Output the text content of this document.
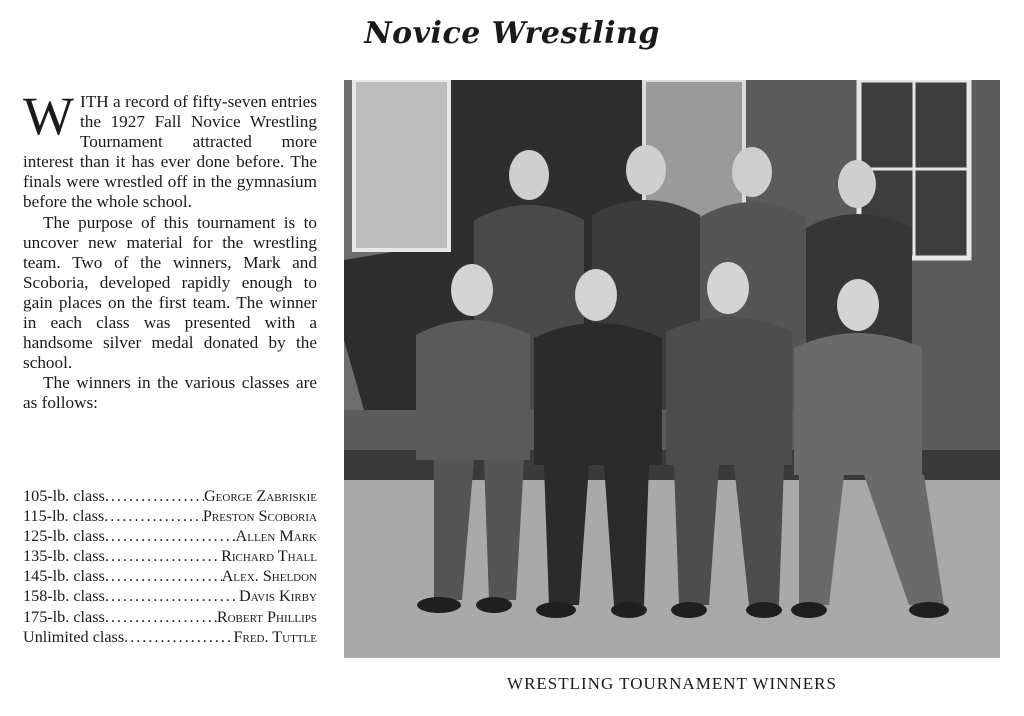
Novice Wrestling

WITH a record of fifty-seven entries the 1927 Fall Novice Wrestling Tournament attracted more interest than it has ever done before. The finals were wrestled off in the gymnasium before the whole school.

The purpose of this tournament is to uncover new material for the wrestling team. Two of the winners, Mark and Scoboria, developed rapidly enough to gain places on the first team. The winner in each class was presented with a handsome silver medal donated by the school.

The winners in the various classes are as follows:

105-lb. class .....	George Zabriskie
115-lb. class .....	Preston Scoboria
125-lb. class .....	Allen Mark
135-lb. class .....	Richard Thall
145-lb. class .....	Alex. Sheldon
158-lb. class .....	Davis Kirby
175-lb. class .....	Robert Phillips
Unlimited class .....	Fred. Tuttle
WRESTLING TOURNAMENT WINNERS
